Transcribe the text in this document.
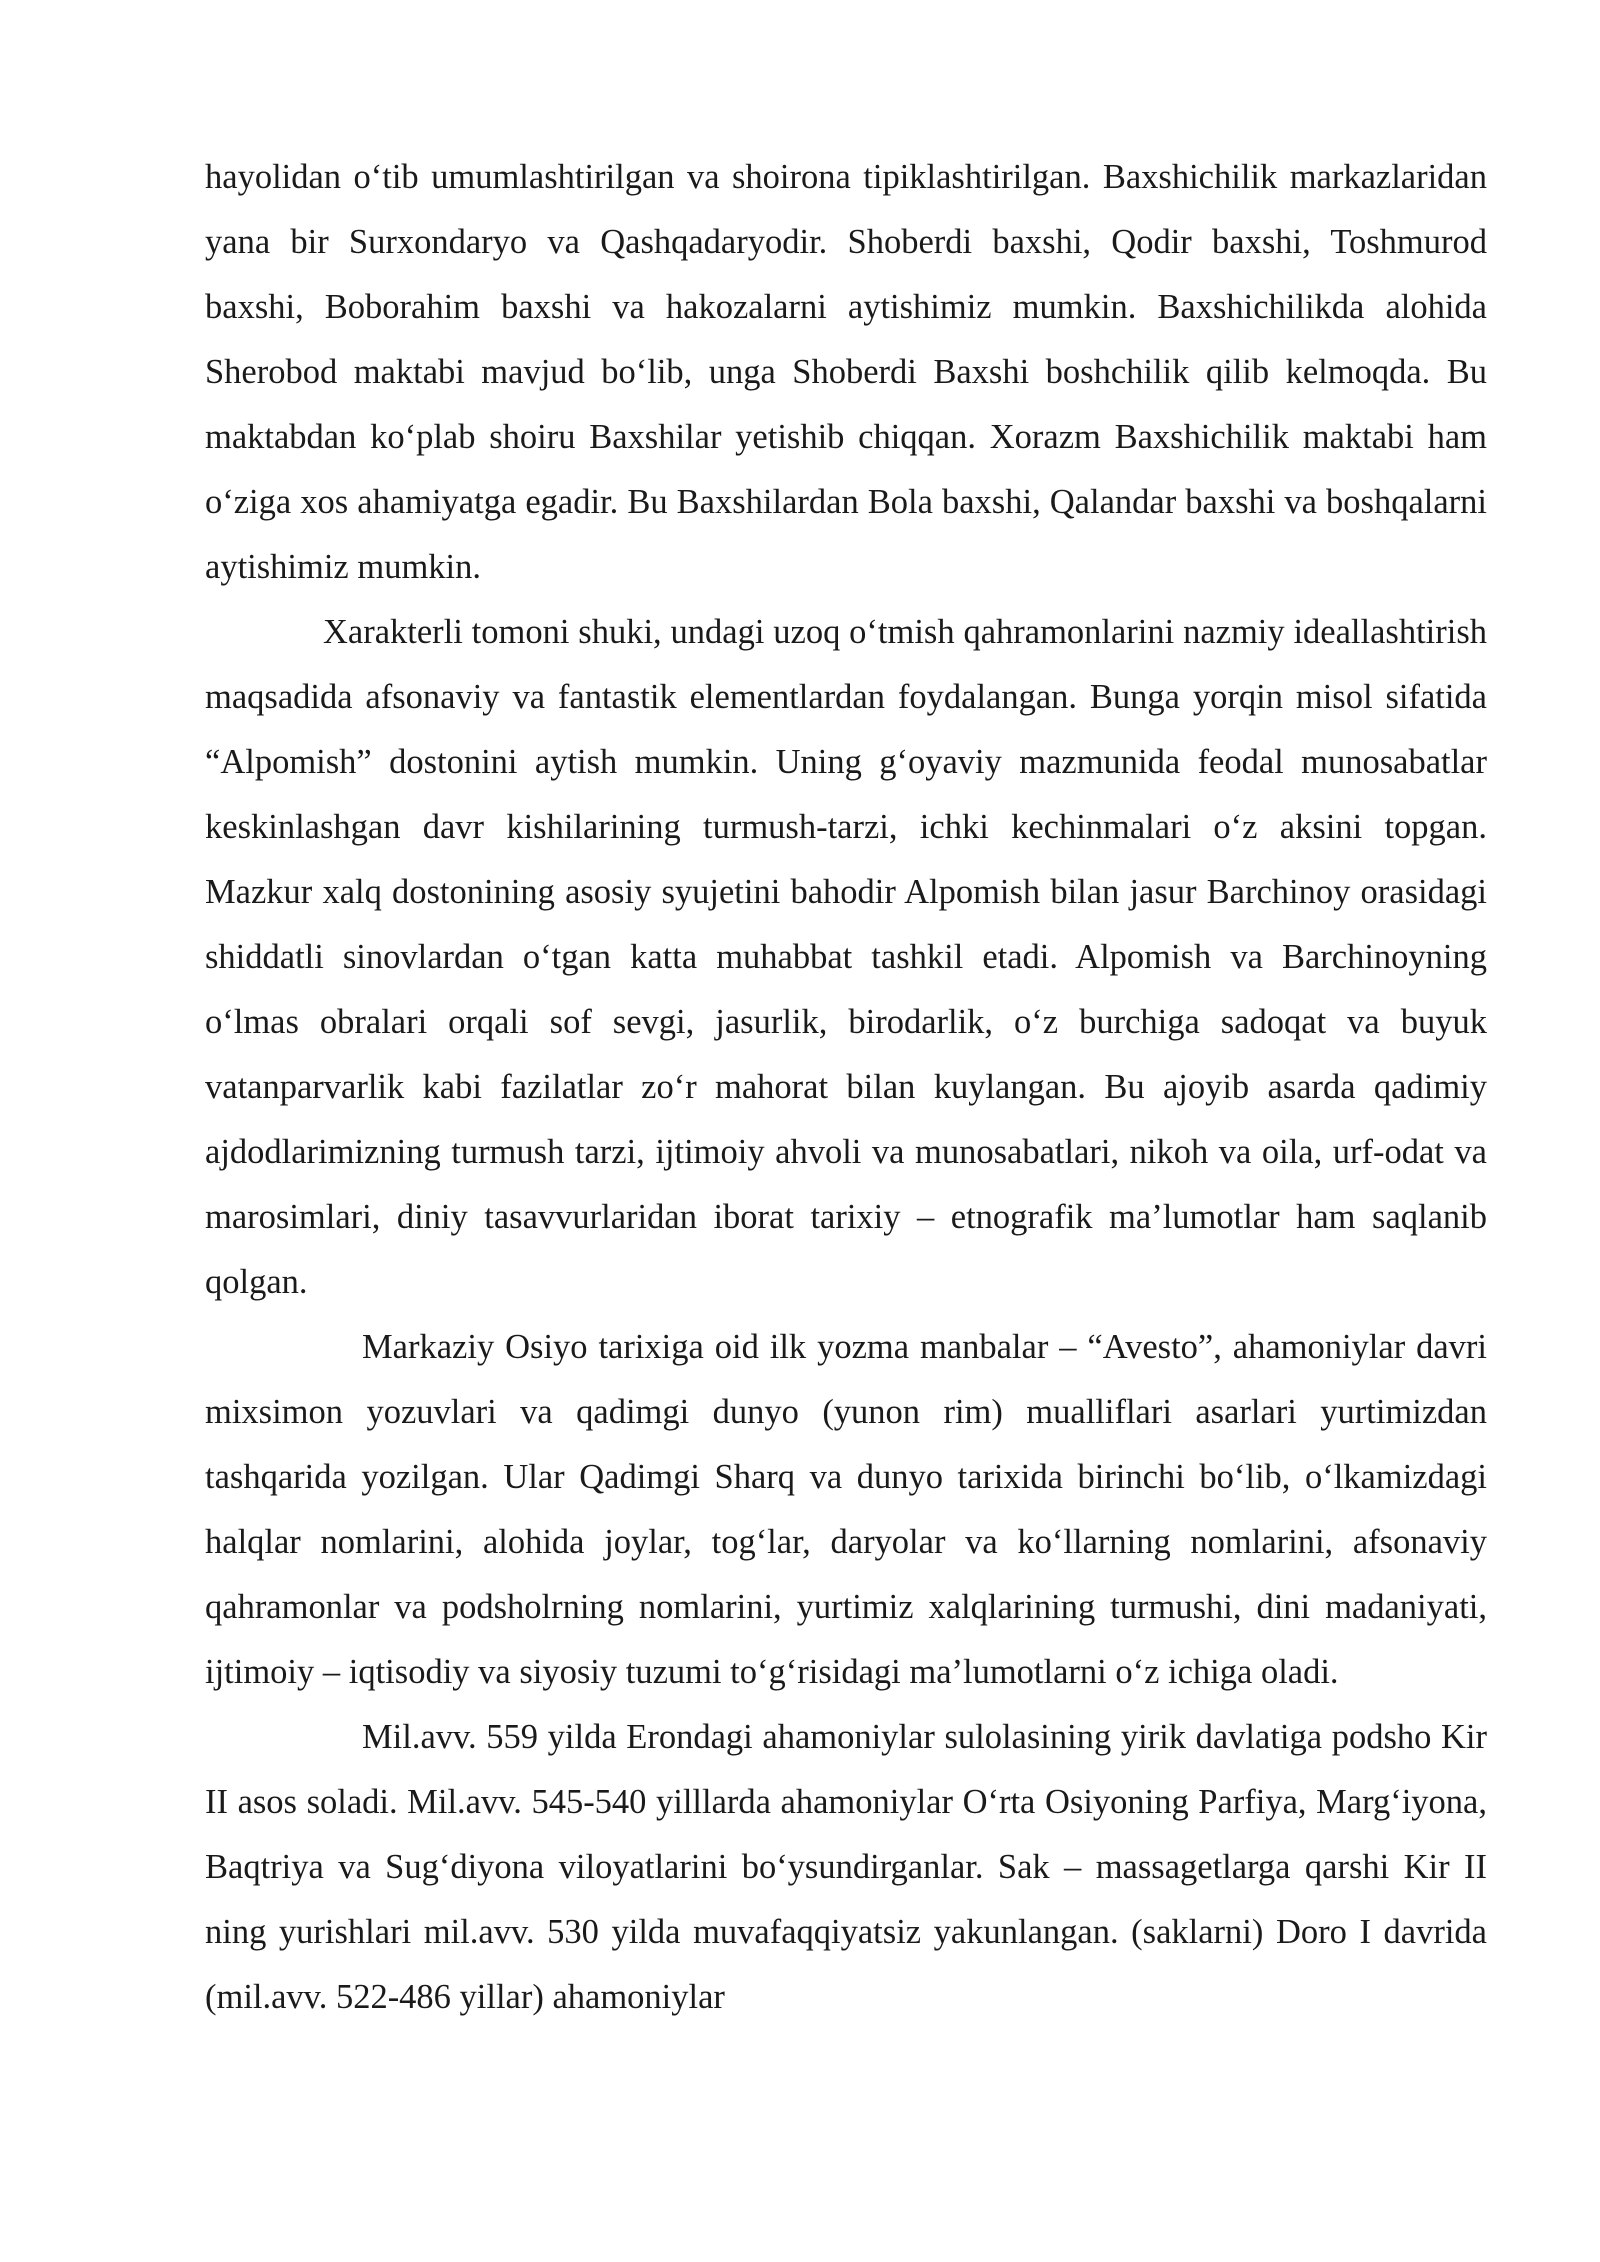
hayolidan o‘tib umumlashtirilgan va shoirona tipiklashtirilgan. Baxshichilik markazlaridan yana bir Surxondaryo va Qashqadaryodir. Shoberdi baxshi, Qodir baxshi, Toshmurod baxshi, Boborahim baxshi va hakozalarni aytishimiz mumkin. Baxshichilikda alohida Sherobod maktabi mavjud bo‘lib, unga Shoberdi Baxshi boshchilik qilib kelmoqda. Bu maktabdan ko‘plab shoiru Baxshilar yetishib chiqqan. Xorazm Baxshichilik maktabi ham o‘ziga xos ahamiyatga egadir. Bu Baxshilardan Bola baxshi, Qalandar baxshi va boshqalarni aytishimiz mumkin.

Xarakterli tomoni shuki, undagi uzoq o‘tmish qahramonlarini nazmiy ideallashtirish maqsadida afsonaviy va fantastik elementlardan foydalangan. Bunga yorqin misol sifatida “Alpomish” dostonini aytish mumkin. Uning g‘oyaviy mazmunida feodal munosabatlar keskinlashgan davr kishilarining turmush-tarzi, ichki kechinmalari o‘z aksini topgan. Mazkur xalq dostonining asosiy syujetini bahodir Alpomish bilan jasur Barchinoy orasidagi shiddatli sinovlardan o‘tgan katta muhabbat tashkil etadi. Alpomish va Barchinoyning o‘lmas obralari orqali sof sevgi, jasurlik, birodarlik, o‘z burchiga sadoqat va buyuk vatanparvarlik kabi fazilatlar zo‘r mahorat bilan kuylangan. Bu ajoyib asarda qadimiy ajdodlarimizning turmush tarzi, ijtimoiy ahvoli va munosabatlari, nikoh va oila, urf-odat va marosimlari, diniy tasavvurlaridan iborat tarixiy – etnografik ma’lumotlar ham saqlanib qolgan.

Markaziy Osiyo tarixiga oid ilk yozma manbalar – “Avesto”, ahamoniylar davri mixsimon yozuvlari va qadimgi dunyo (yunon rim) mualliflari asarlari yurtimizdan tashqarida yozilgan. Ular Qadimgi Sharq va dunyo tarixida birinchi bo‘lib, o‘lkamizdagi halqlar nomlarini, alohida joylar, tog‘lar, daryolar va ko‘llarning nomlarini, afsonaviy qahramonlar va podsholrning nomlarini, yurtimiz xalqlarining turmushi, dini madaniyati, ijtimoiy – iqtisodiy va siyosiy tuzumi to‘g‘risidagi ma’lumotlarni o‘z ichiga oladi.

Mil.avv. 559 yilda Erondagi ahamoniylar sulolasining yirik davlatiga podsho Kir II asos soladi. Mil.avv. 545-540 yilllarda ahamoniylar O‘rta Osiyoning Parfiya, Marg‘iyona, Baqtriya va Sug‘diyona viloyatlarini bo‘ysundirganlar. Sak – massagetlarga qarshi Kir II ning yurishlari mil.avv. 530 yilda muvafaqqiyatsiz yakunlangan. (saklarni) Doro I davrida (mil.avv. 522-486 yillar) ahamoniylar
